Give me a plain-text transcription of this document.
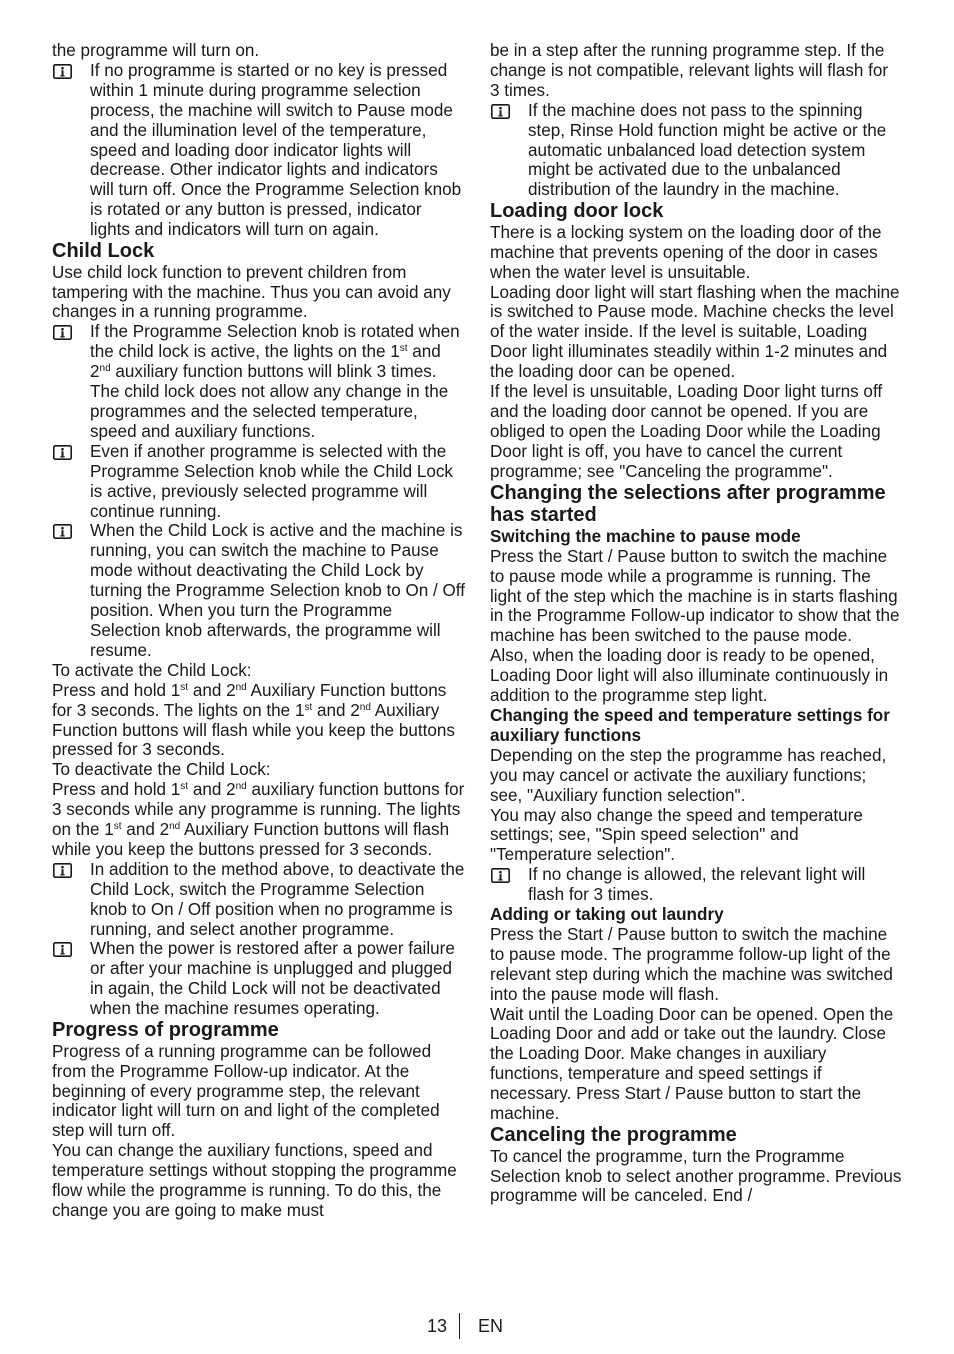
the programme will turn on.

If no programme is started or no key is pressed within 1 minute during programme selection process, the machine will switch to Pause mode and the illumination level of the temperature, speed and loading door indicator lights will decrease. Other indicator lights and indicators will turn off. Once the Programme Selection knob is rotated or any button is pressed, indicator lights and indicators will turn on again.

Child Lock

Use child lock function to prevent children from tampering with the machine. Thus you can avoid any changes in a running programme.

If the Programme Selection knob is rotated when the child lock is active, the lights on the 1st and 2nd auxiliary function buttons will blink 3 times. The child lock does not allow any change in the programmes and the selected temperature, speed and auxiliary functions.

Even if another programme is selected with the Programme Selection knob while the Child Lock is active, previously selected programme will continue running.

When the Child Lock is active and the machine is running, you can switch the machine to Pause mode without deactivating the Child Lock by turning the Programme Selection knob to On / Off position. When you turn the Programme Selection knob afterwards, the programme will resume.

To activate the Child Lock:

Press and hold 1st and 2nd Auxiliary Function buttons for 3 seconds. The lights on the 1st and 2nd Auxiliary Function buttons will flash while you keep the buttons pressed for 3 seconds.

To deactivate the Child Lock:

Press and hold 1st and 2nd auxiliary function buttons for 3 seconds while any programme is running. The lights on the 1st and 2nd Auxiliary Function buttons will flash while you keep the buttons pressed for 3 seconds.

In addition to the method above, to deactivate the Child Lock, switch the Programme Selection knob to On / Off position when no programme is running, and select another programme.

When the power is restored after a power failure or after your machine is unplugged and plugged in again, the Child Lock will not be deactivated when the machine resumes operating.

Progress of programme

Progress of a running programme can be followed from the Programme Follow-up indicator. At the beginning of every programme step, the relevant indicator light will turn on and light of the completed step will turn off.

You can change the auxiliary functions, speed and temperature settings without stopping the programme flow while the programme is running. To do this, the change you are going to make must

be in a step after the running programme step. If the change is not compatible, relevant lights will flash for 3 times.

If the machine does not pass to the spinning step, Rinse Hold function might be active or the automatic unbalanced load detection system might be activated due to the unbalanced distribution of the laundry in the machine.

Loading door lock

There is a locking system on the loading door of the machine that prevents opening of the door in cases when the water level is unsuitable.

Loading door light will start flashing when the machine is switched to Pause mode. Machine checks the level of the water inside. If the level is suitable, Loading Door light illuminates steadily within 1-2 minutes and the loading door can be opened.

If the level is unsuitable, Loading Door light turns off and the loading door cannot be opened. If you are obliged to open the Loading Door while the Loading Door light is off, you have to cancel the current programme; see "Canceling the programme".

Changing the selections after programme has started
Switching the machine to pause mode

Press the Start / Pause button to switch the machine to pause mode while a programme is running. The light of the step which the machine is in starts flashing in the Programme Follow-up indicator to show that the machine has been switched to the pause mode.

Also, when the loading door is ready to be opened, Loading Door light will also illuminate continuously in addition to the programme step light.

Changing the speed and temperature settings for auxiliary functions

Depending on the step the programme has reached, you may cancel or activate the auxiliary functions; see, "Auxiliary function selection".

You may also change the speed and temperature settings; see, "Spin speed selection" and "Temperature selection".

If no change is allowed, the relevant light will flash for 3 times.

Adding or taking out laundry

Press the Start / Pause button to switch the machine to pause mode. The programme follow-up light of the relevant step during which the machine was switched into the pause mode will flash.

Wait until the Loading Door can be opened. Open the Loading Door and add or take out the laundry. Close the Loading Door. Make changes in auxiliary functions, temperature and speed settings if necessary. Press Start / Pause button to start the machine.

Canceling the programme

To cancel the programme, turn the Programme Selection knob to select another programme. Previous programme will be canceled. End /

13 EN
